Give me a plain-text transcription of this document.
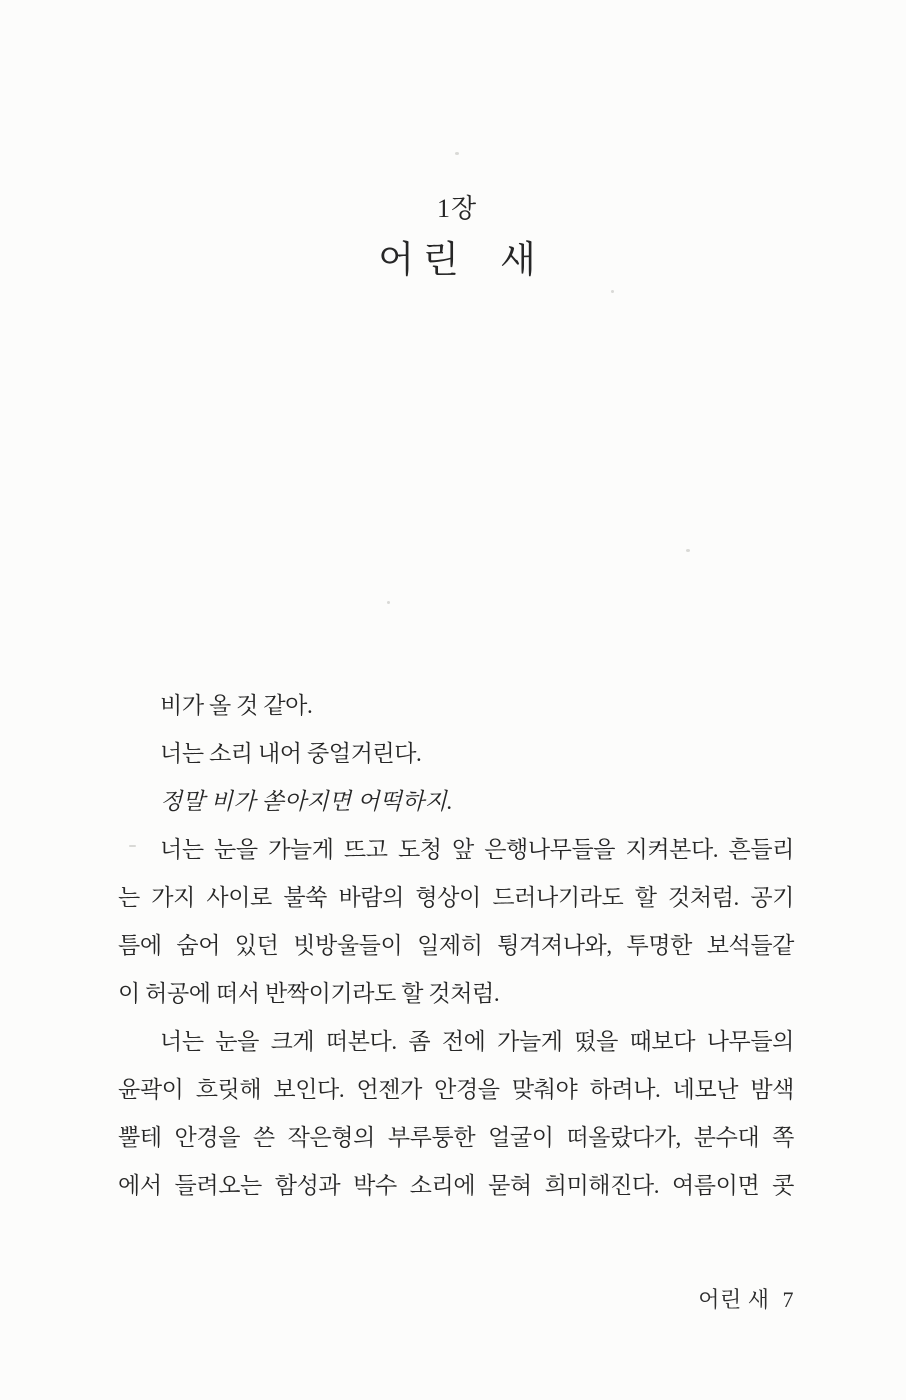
1장
어린 새
비가 올 것 같아.
너는 소리 내어 중얼거린다.
정말 비가 쏟아지면 어떡하지.
너는 눈을 가늘게 뜨고 도청 앞 은행나무들을 지켜본다. 흔들리
는 가지 사이로 불쑥 바람의 형상이 드러나기라도 할 것처럼. 공기
틈에 숨어 있던 빗방울들이 일제히 튕겨져나와, 투명한 보석들같
이 허공에 떠서 반짝이기라도 할 것처럼.
너는 눈을 크게 떠본다. 좀 전에 가늘게 떴을 때보다 나무들의
윤곽이 흐릿해 보인다. 언젠가 안경을 맞춰야 하려나. 네모난 밤색
뿔테 안경을 쓴 작은형의 부루퉁한 얼굴이 떠올랐다가, 분수대 쪽
에서 들려오는 함성과 박수 소리에 묻혀 희미해진다. 여름이면 콧
어린 새 7
